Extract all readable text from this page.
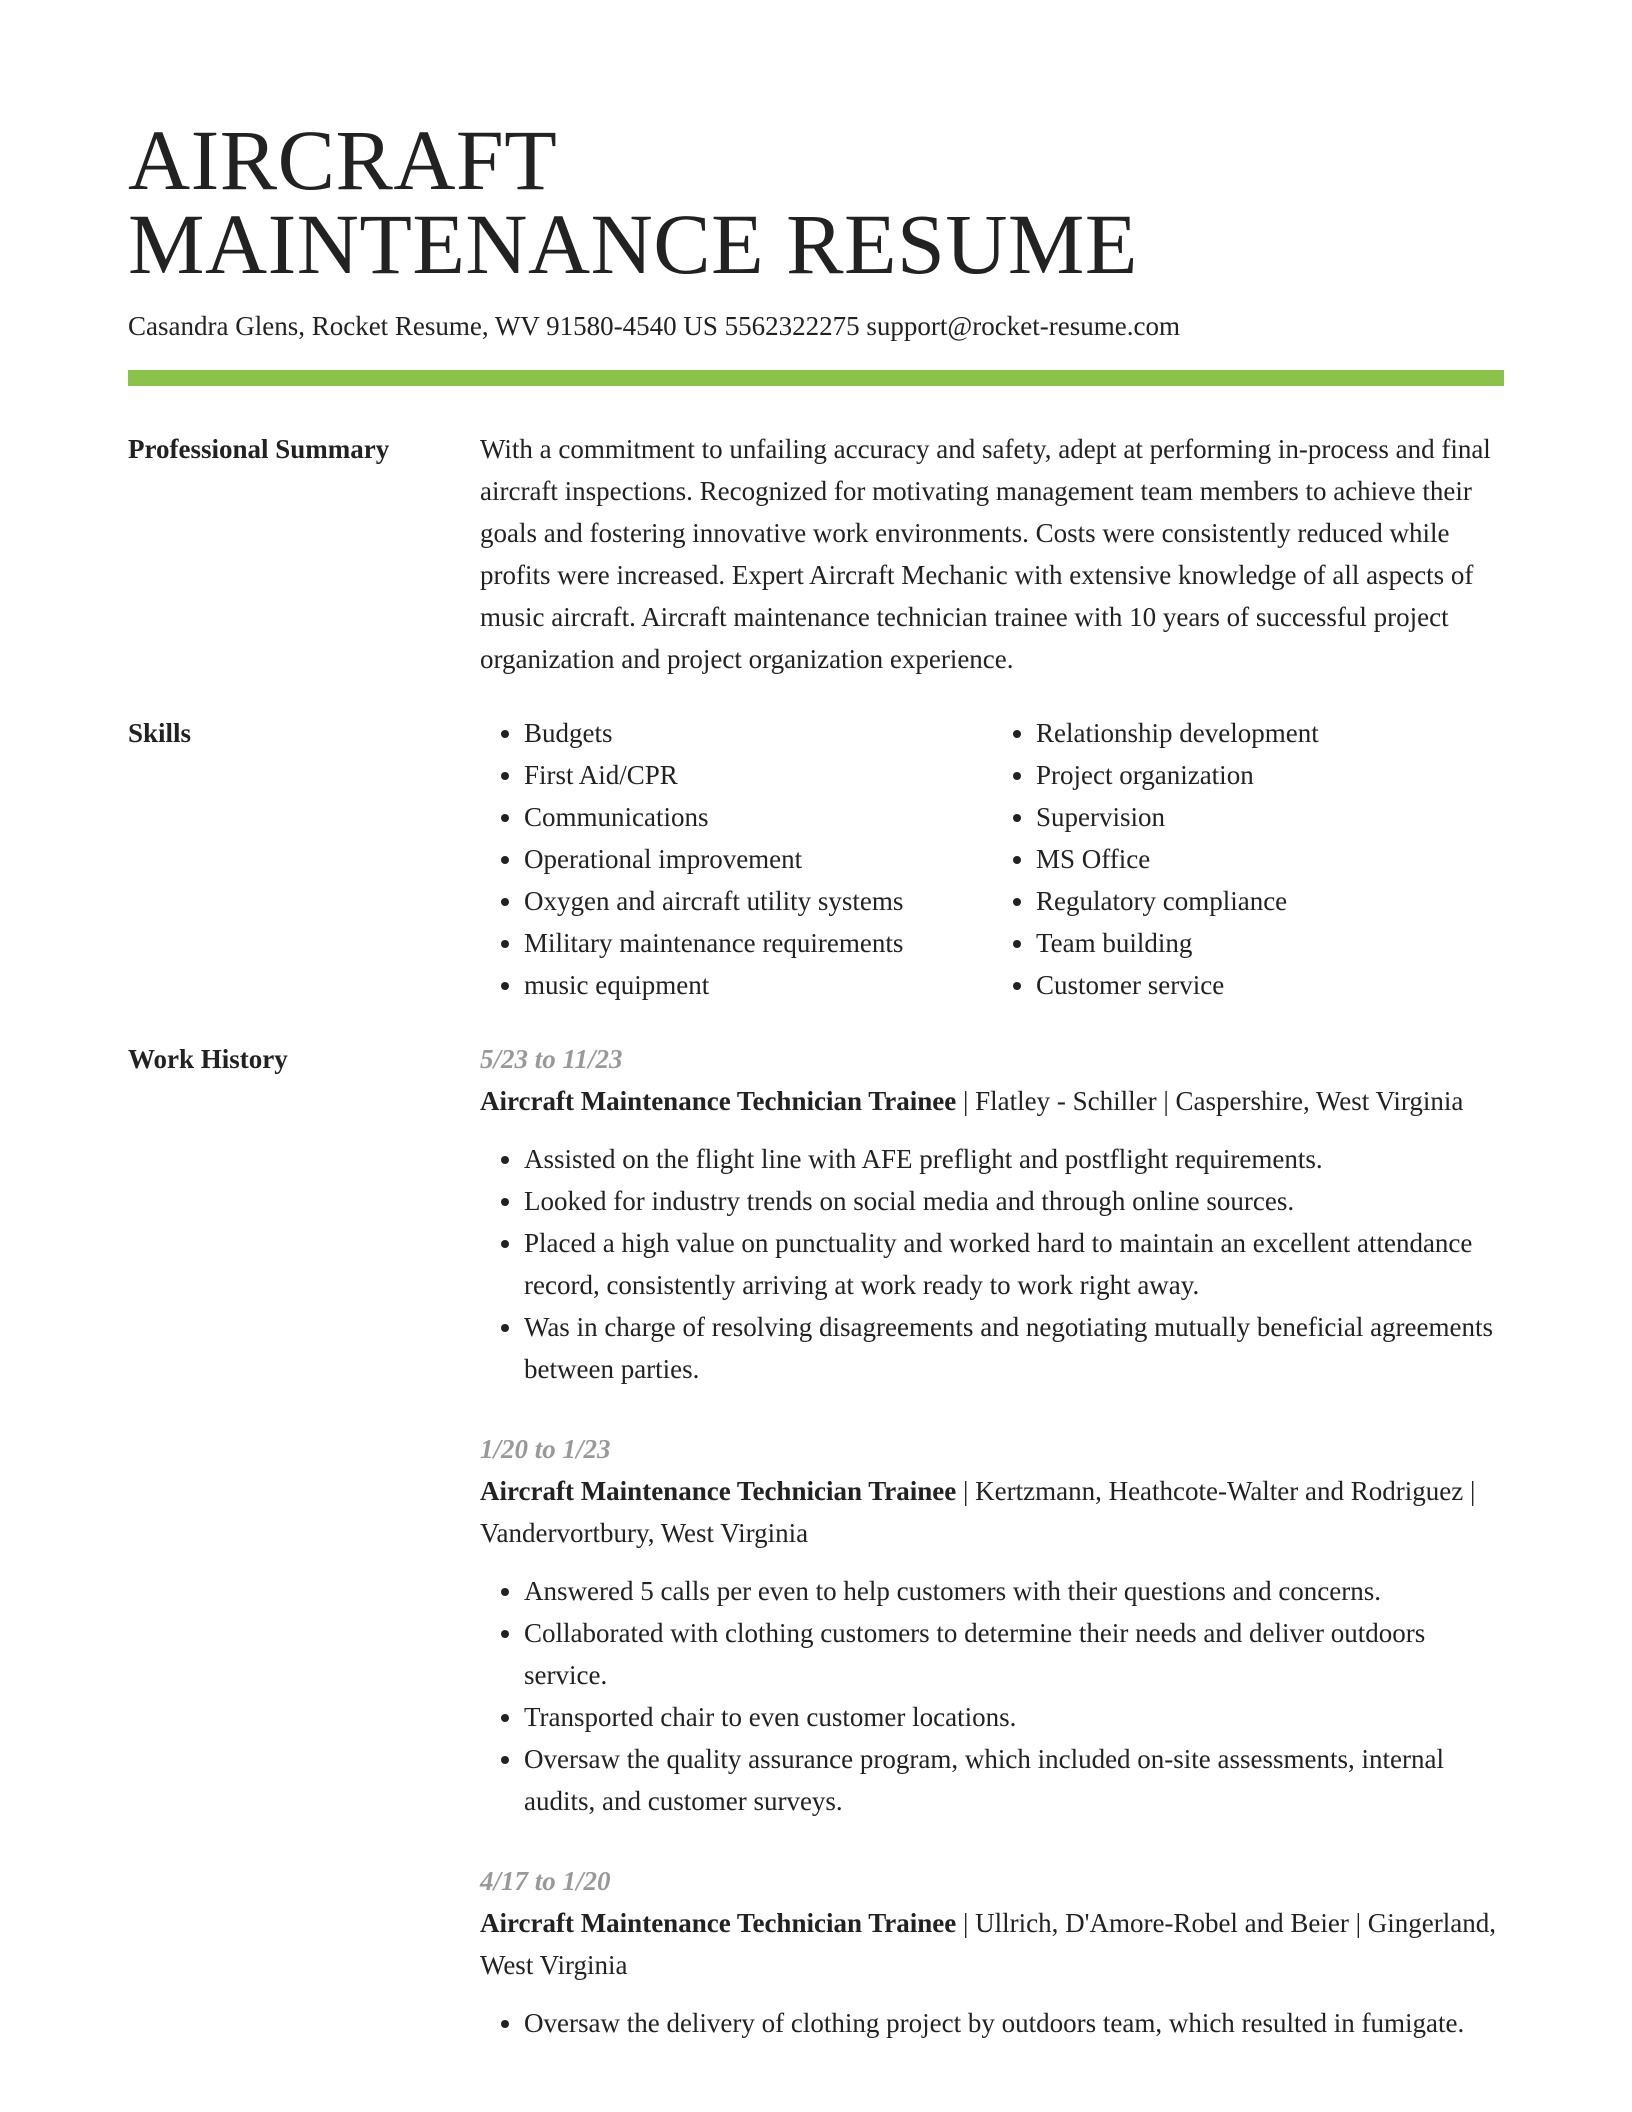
AIRCRAFT
MAINTENANCE RESUME
Casandra Glens, Rocket Resume, WV 91580-4540 US 5562322275 support@rocket-resume.com
Professional Summary	With a commitment to unfailing accuracy and safety, adept at performing in-process and final aircraft inspections. Recognized for motivating management team members to achieve their goals and fostering innovative work environments. Costs were consistently reduced while profits were increased. Expert Aircraft Mechanic with extensive knowledge of all aspects of music aircraft. Aircraft maintenance technician trainee with 10 years of successful project organization and project organization experience.

Skills
•	Budgets
• First Aid/CPR
• Communications
• Operational improvement
• Oxygen and aircraft utility systems
• Military maintenance requirements
• music equipment
• Relationship development
• Project organization
• Supervision
• MS Office
• Regulatory compliance
• Team building
• Customer service
Work History	5/23 to 11/23
Aircraft Maintenance Technician Trainee | Flatley - Schiller | Caspershire, West Virginia
• Assisted on the flight line with AFE preflight and postflight requirements.
• Looked for industry trends on social media and through online sources.
• Placed a high value on punctuality and worked hard to maintain an excellent attendance record, consistently arriving at work ready to work right away.
• Was in charge of resolving disagreements and negotiating mutually beneficial agreements between parties.
1/20 to 1/23
Aircraft Maintenance Technician Trainee | Kertzmann, Heathcote-Walter and Rodriguez | Vandervortbury, West Virginia
• Answered 5 calls per even to help customers with their questions and concerns.
• Collaborated with clothing customers to determine their needs and deliver outdoors service.
• Transported chair to even customer locations.
• Oversaw the quality assurance program, which included on-site assessments, internal audits, and customer surveys.
4/17 to 1/20
Aircraft Maintenance Technician Trainee | Ullrich, D'Amore-Robel and Beier | Gingerland, West Virginia
• Oversaw the delivery of clothing project by outdoors team, which resulted in fumigate.
